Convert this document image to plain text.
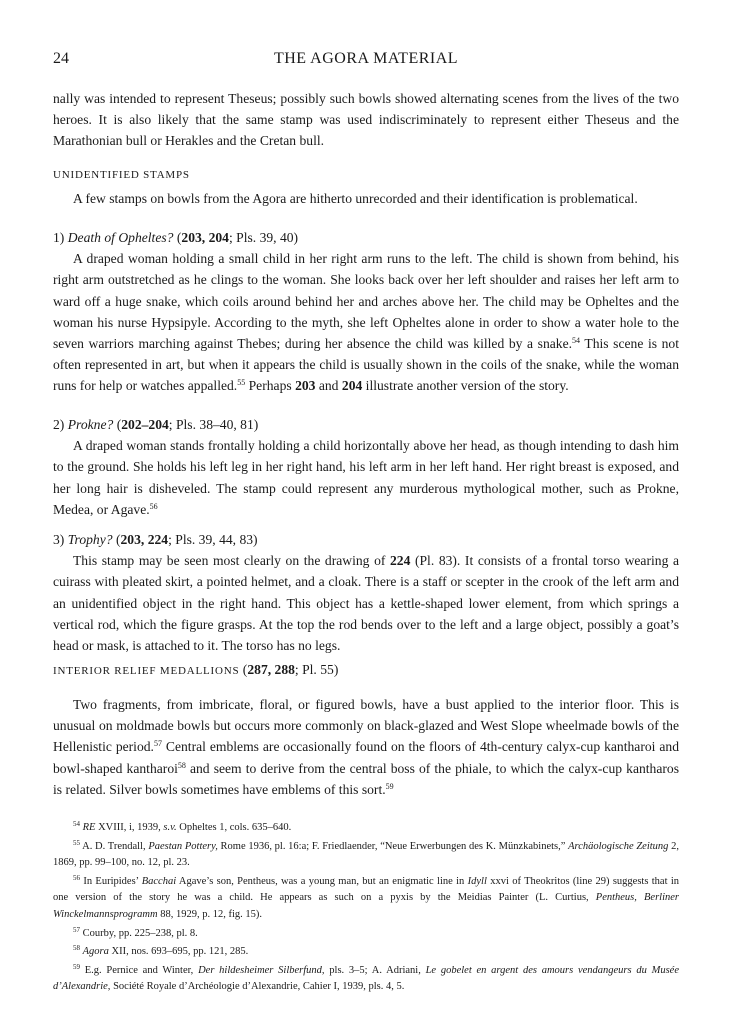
24	THE AGORA MATERIAL

nally was intended to represent Theseus; possibly such bowls showed alternating scenes from the lives of the two heroes. It is also likely that the same stamp was used indiscriminately to represent either Theseus and the Marathonian bull or Herakles and the Cretan bull.

UNIDENTIFIED STAMPS

A few stamps on bowls from the Agora are hitherto unrecorded and their identification is problematical.

1) Death of Opheltes? (203, 204; Pls. 39, 40)

A draped woman holding a small child in her right arm runs to the left. The child is shown from behind, his right arm outstretched as he clings to the woman. She looks back over her left shoulder and raises her left arm to ward off a huge snake, which coils around behind her and arches above her. The child may be Opheltes and the woman his nurse Hypsipyle. According to the myth, she left Opheltes alone in order to show a water hole to the seven warriors marching against Thebes; during her absence the child was killed by a snake.$^{54}$ This scene is not often represented in art, but when it appears the child is usually shown in the coils of the snake, while the woman runs for help or watches appalled.$^{55}$ Perhaps 203 and 204 illustrate another version of the story.

2) Prokne? (202–204; Pls. 38–40, 81)

A draped woman stands frontally holding a child horizontally above her head, as though intending to dash him to the ground. She holds his left leg in her right hand, his left arm in her left hand. Her right breast is exposed, and her long hair is disheveled. The stamp could represent any murderous mythological mother, such as Prokne, Medea, or Agave.$^{56}$

3) Trophy? (203, 224; Pls. 39, 44, 83)

This stamp may be seen most clearly on the drawing of 224 (Pl. 83). It consists of a frontal torso wearing a cuirass with pleated skirt, a pointed helmet, and a cloak. There is a staff or scepter in the crook of the left arm and an unidentified object in the right hand. This object has a kettle-shaped lower element, from which springs a vertical rod, which the figure grasps. At the top the rod bends over to the left and a large object, possibly a goat’s head or mask, is attached to it. The torso has no legs.

INTERIOR RELIEF MEDALLIONS (287, 288; Pl. 55)

Two fragments, from imbricate, floral, or figured bowls, have a bust applied to the interior floor. This is unusual on moldmade bowls but occurs more commonly on black-glazed and West Slope wheelmade bowls of the Hellenistic period.$^{57}$ Central emblems are occasionally found on the floors of 4th-century calyx-cup kantharoi and bowl-shaped kantharoi$^{58}$ and seem to derive from the central boss of the phiale, to which the calyx-cup kantharos is related. Silver bowls sometimes have emblems of this sort.$^{59}$

$^{54}$ RE XVIII, i, 1939, s.v. Opheltes 1, cols. 635–640.

$^{55}$ A. D. Trendall, Paestan Pottery, Rome 1936, pl. 16:a; F. Friedlaender, “Neue Erwerbungen des K. Münzkabinets,” Archäologische Zeitung 2, 1869, pp. 99–100, no. 12, pl. 23.

$^{56}$ In Euripides’ Bacchai Agave’s son, Pentheus, was a young man, but an enigmatic line in Idyll xxvi of Theokritos (line 29) suggests that in one version of the story he was a child. He appears as such on a pyxis by the Meidias Painter (L. Curtius, Pentheus, Berliner Winckelmannsprogramm 88, 1929, p. 12, fig. 15).

$^{57}$ Courby, pp. 225–238, pl. 8.

$^{58}$ Agora XII, nos. 693–695, pp. 121, 285.

$^{59}$ E.g. Pernice and Winter, Der hildesheimer Silberfund, pls. 3–5; A. Adriani, Le gobelet en argent des amours vendangeurs du Musée d’Alexandrie, Société Royale d’Archéologie d’Alexandrie, Cahier I, 1939, pls. 4, 5.
